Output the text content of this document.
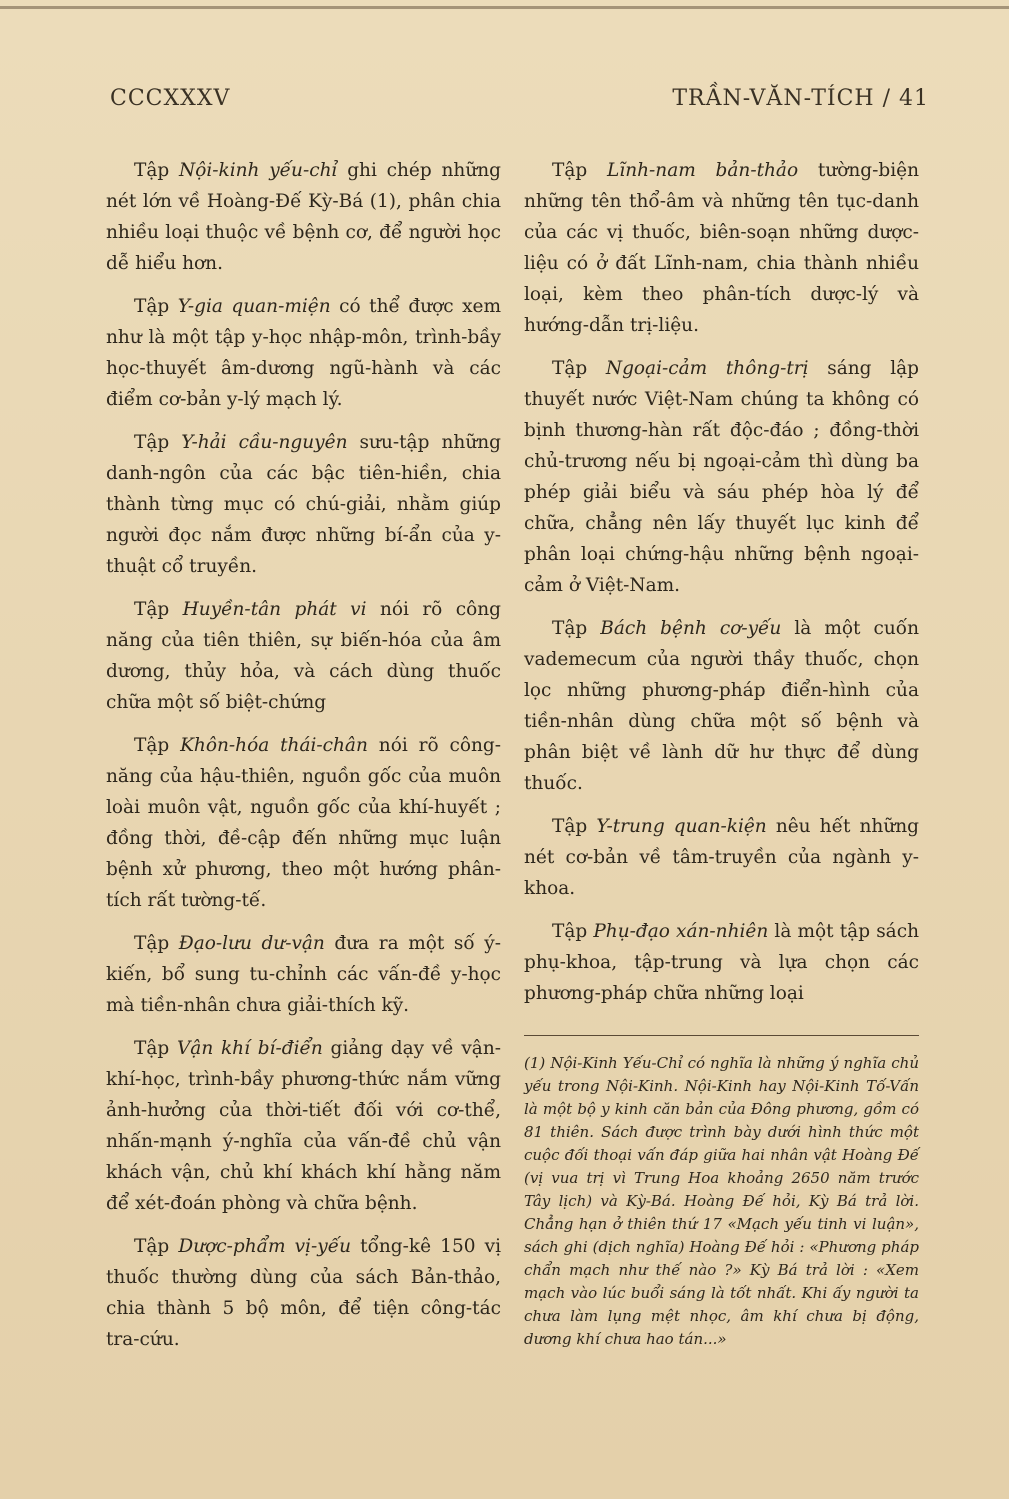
CCCXXXV	TRẦN-VĂN-TÍCH / 41

Tập Nội-kinh yếu-chỉ ghi chép những nét lớn về Hoàng-Đế Kỳ-Bá (1), phân chia nhiều loại thuộc về bệnh cơ, để người học dễ hiểu hơn.

Tập Y-gia quan-miện có thể được xem như là một tập y-học nhập-môn, trình-bầy học-thuyết âm-dương ngũ-hành và các điểm cơ-bản y-lý mạch lý.

Tập Y-hải cầu-nguyên sưu-tập những danh-ngôn của các bậc tiên-hiền, chia thành từng mục có chú-giải, nhằm giúp người đọc nắm được những bí-ẩn của y-thuật cổ truyền.

Tập Huyền-tân phát vi nói rõ công năng của tiên thiên, sự biến-hóa của âm dương, thủy hỏa, và cách dùng thuốc chữa một số biệt-chứng

Tập Khôn-hóa thái-chân nói rõ công-năng của hậu-thiên, nguồn gốc của muôn loài muôn vật, nguồn gốc của khí-huyết ; đồng thời, đề-cập đến những mục luận bệnh xử phương, theo một hướng phân-tích rất tường-tế.

Tập Đạo-lưu dư-vận đưa ra một số ý-kiến, bổ sung tu-chỉnh các vấn-đề y-học mà tiền-nhân chưa giải-thích kỹ.

Tập Vận khí bí-điển giảng dạy về vận-khí-học, trình-bầy phương-thức nắm vững ảnh-hưởng của thời-tiết đối với cơ-thể, nhấn-mạnh ý-nghĩa của vấn-đề chủ vận khách vận, chủ khí khách khí hằng năm để xét-đoán phòng và chữa bệnh.

Tập Dược-phẩm vị-yếu tổng-kê 150 vị thuốc thường dùng của sách Bản-thảo, chia thành 5 bộ môn, để tiện công-tác tra-cứu.

Tập Lĩnh-nam bản-thảo tường-biện những tên thổ-âm và những tên tục-danh của các vị thuốc, biên-soạn những dược-liệu có ở đất Lĩnh-nam, chia thành nhiều loại, kèm theo phân-tích dược-lý và hướng-dẫn trị-liệu.

Tập Ngoại-cảm thông-trị sáng lập thuyết nước Việt-Nam chúng ta không có bịnh thương-hàn rất độc-đáo ; đồng-thời chủ-trương nếu bị ngoại-cảm thì dùng ba phép giải biểu và sáu phép hòa lý để chữa, chẳng nên lấy thuyết lục kinh để phân loại chứng-hậu những bệnh ngoại-cảm ở Việt-Nam.

Tập Bách bệnh cơ-yếu là một cuốn vademecum của người thầy thuốc, chọn lọc những phương-pháp điển-hình của tiền-nhân dùng chữa một số bệnh và phân biệt về lành dữ hư thực để dùng thuốc.

Tập Y-trung quan-kiện nêu hết những nét cơ-bản về tâm-truyền của ngành y-khoa.

Tập Phụ-đạo xán-nhiên là một tập sách phụ-khoa, tập-trung và lựa chọn các phương-pháp chữa những loại

(1) Nội-Kinh Yếu-Chỉ có nghĩa là những ý nghĩa chủ yếu trong Nội-Kinh. Nội-Kinh hay Nội-Kinh Tố-Vấn là một bộ y kinh căn bản của Đông phương, gồm có 81 thiên. Sách được trình bày dưới hình thức một cuộc đối thoại vấn đáp giữa hai nhân vật Hoàng Đế (vị vua trị vì Trung Hoa khoảng 2650 năm trước Tây lịch) và Kỳ-Bá. Hoàng Đế hỏi, Kỳ Bá trả lời. Chẳng hạn ở thiên thứ 17 «Mạch yếu tinh vi luận», sách ghi (dịch nghĩa) Hoàng Đế hỏi : «Phương pháp chẩn mạch như thế nào ?» Kỳ Bá trả lời : «Xem mạch vào lúc buổi sáng là tốt nhất. Khi ấy người ta chưa làm lụng mệt nhọc, âm khí chưa bị động, dương khí chưa hao tán...»
